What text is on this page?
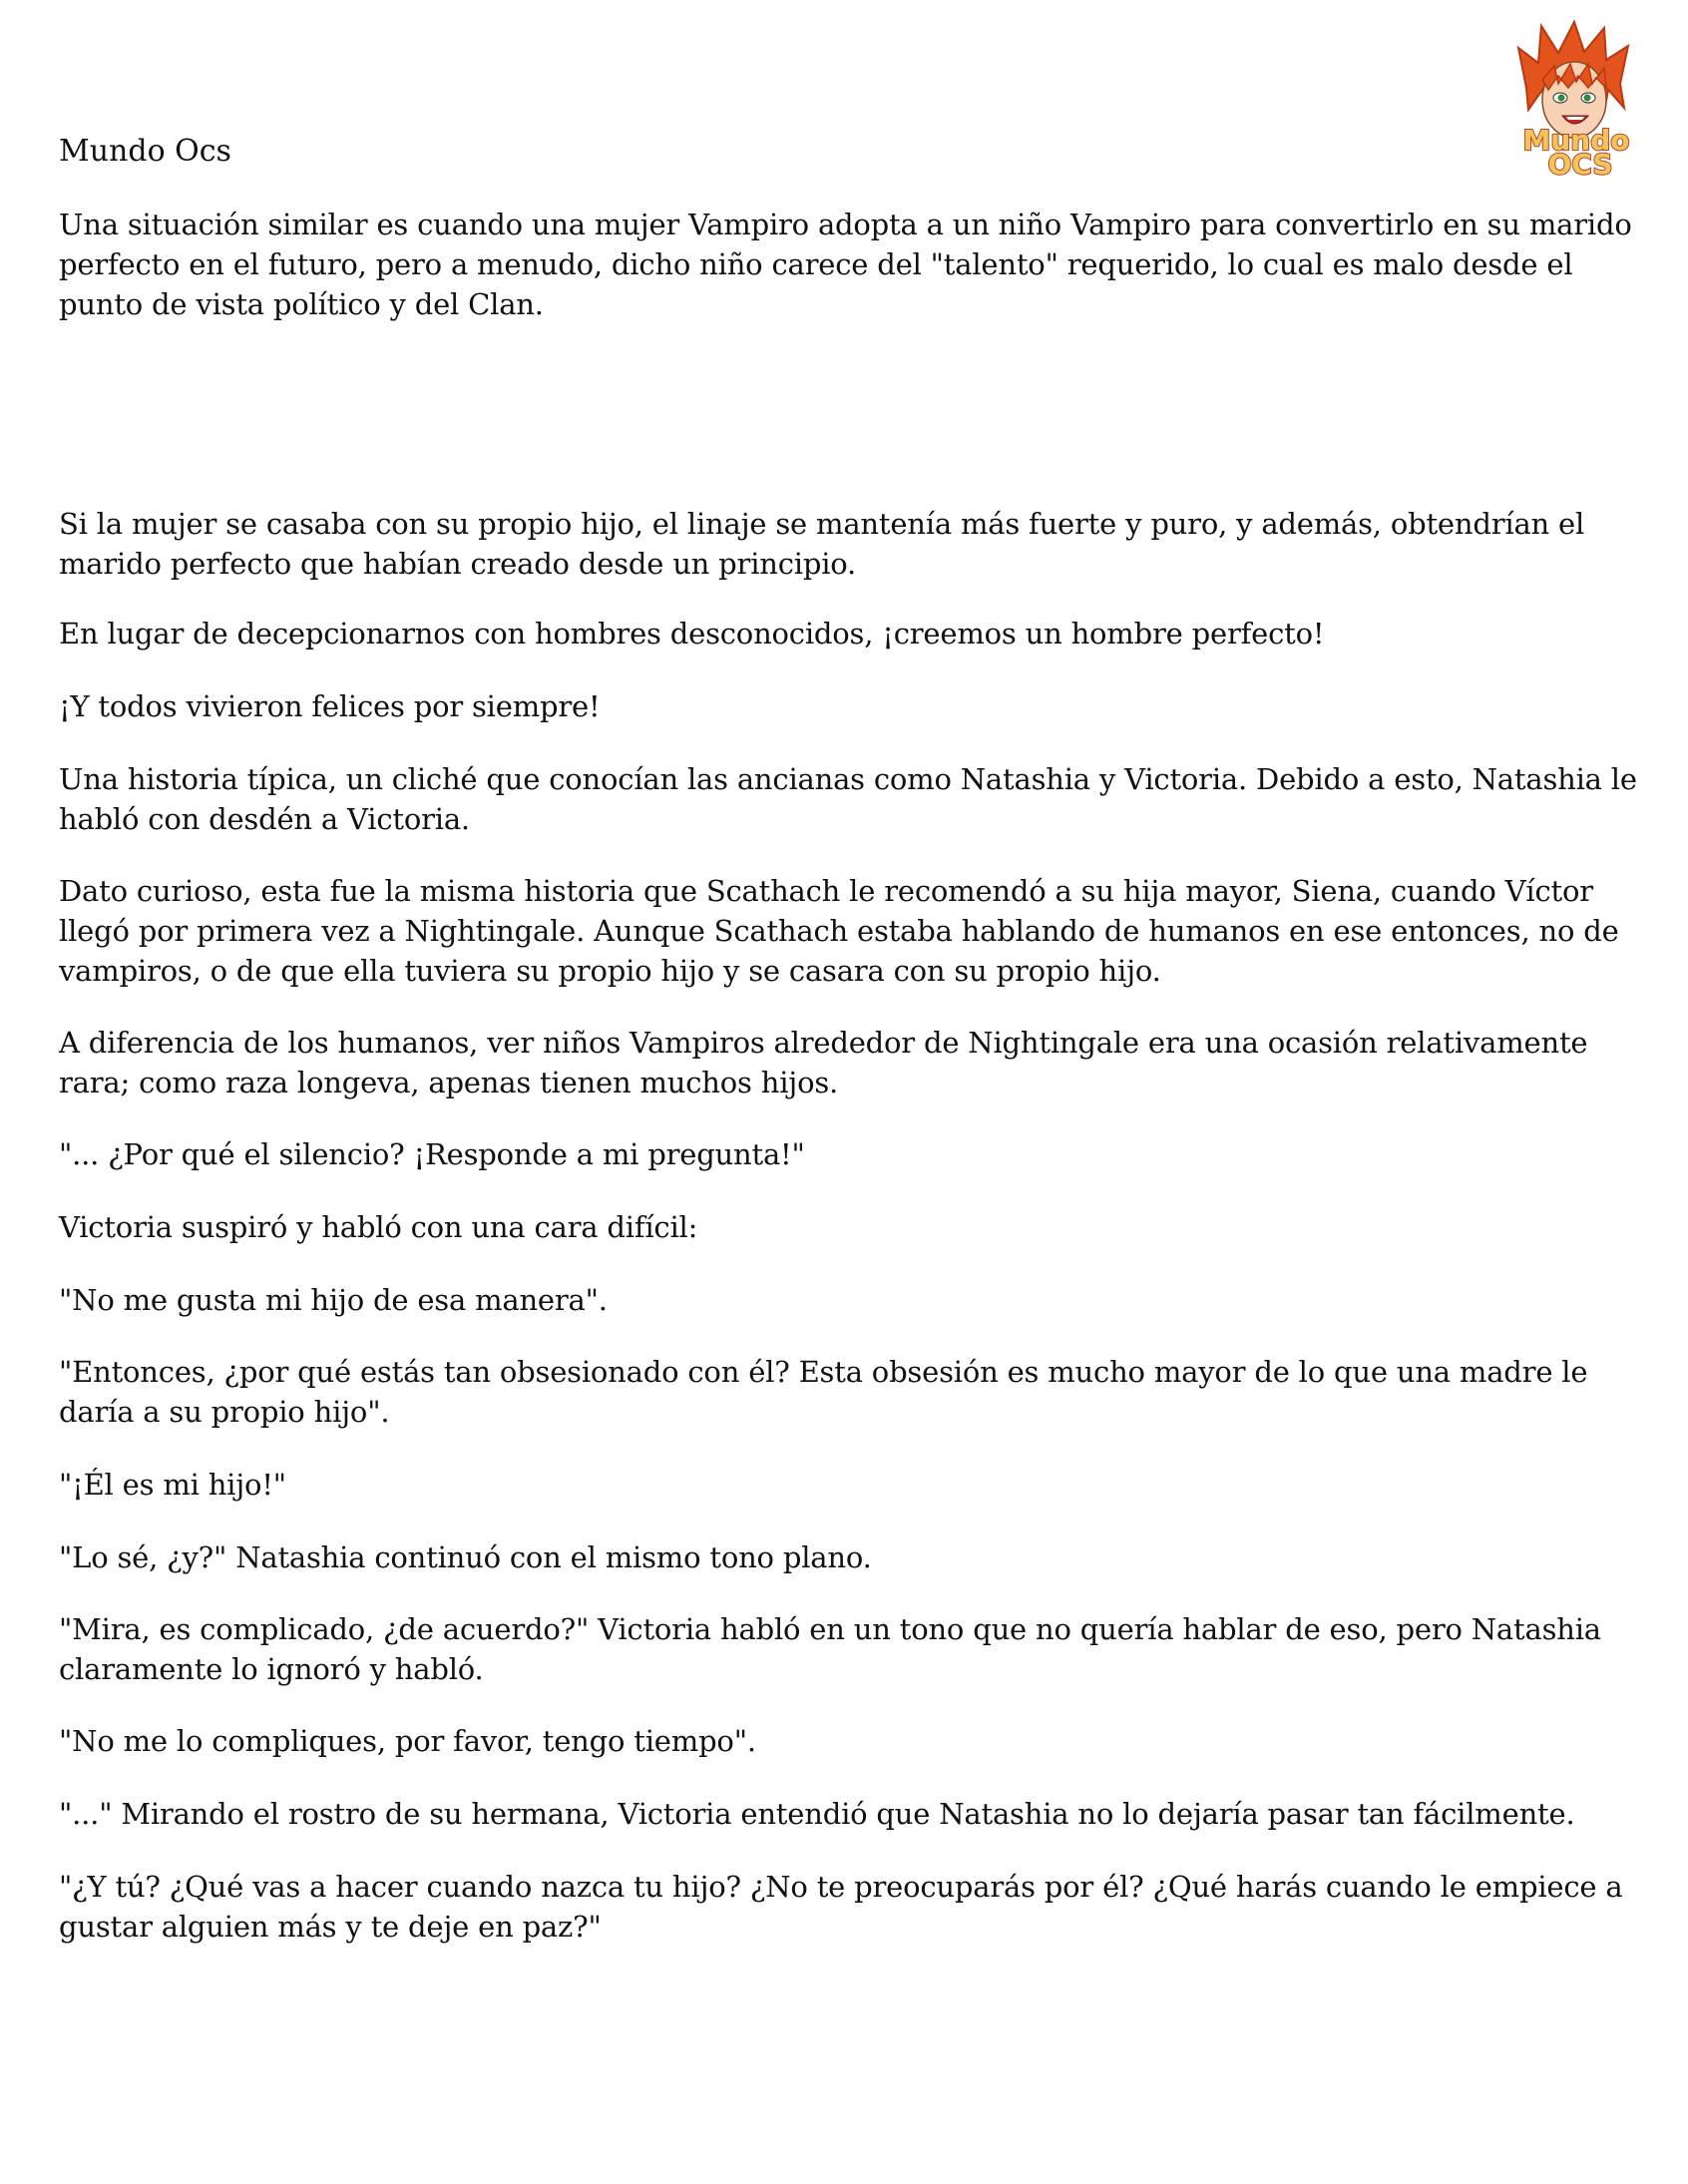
Mundo
OCS

Mundo Ocs

Una situación similar es cuando una mujer Vampiro adopta a un niño Vampiro para convertirlo en su marido perfecto en el futuro, pero a menudo, dicho niño carece del "talento" requerido, lo cual es malo desde el punto de vista político y del Clan.

Si la mujer se casaba con su propio hijo, el linaje se mantenía más fuerte y puro, y además, obtendrían el marido perfecto que habían creado desde un principio.

En lugar de decepcionarnos con hombres desconocidos, ¡creemos un hombre perfecto!

¡Y todos vivieron felices por siempre!

Una historia típica, un cliché que conocían las ancianas como Natashia y Victoria. Debido a esto, Natashia le habló con desdén a Victoria.

Dato curioso, esta fue la misma historia que Scathach le recomendó a su hija mayor, Siena, cuando Víctor llegó por primera vez a Nightingale. Aunque Scathach estaba hablando de humanos en ese entonces, no de vampiros, o de que ella tuviera su propio hijo y se casara con su propio hijo.

A diferencia de los humanos, ver niños Vampiros alrededor de Nightingale era una ocasión relativamente rara; como raza longeva, apenas tienen muchos hijos.

"... ¿Por qué el silencio? ¡Responde a mi pregunta!"

Victoria suspiró y habló con una cara difícil:

"No me gusta mi hijo de esa manera".

"Entonces, ¿por qué estás tan obsesionado con él? Esta obsesión es mucho mayor de lo que una madre le daría a su propio hijo".

"¡Él es mi hijo!"

"Lo sé, ¿y?" Natashia continuó con el mismo tono plano.

"Mira, es complicado, ¿de acuerdo?" Victoria habló en un tono que no quería hablar de eso, pero Natashia claramente lo ignoró y habló.

"No me lo compliques, por favor, tengo tiempo".

"..." Mirando el rostro de su hermana, Victoria entendió que Natashia no lo dejaría pasar tan fácilmente.

"¿Y tú? ¿Qué vas a hacer cuando nazca tu hijo? ¿No te preocuparás por él? ¿Qué harás cuando le empiece a gustar alguien más y te deje en paz?"
